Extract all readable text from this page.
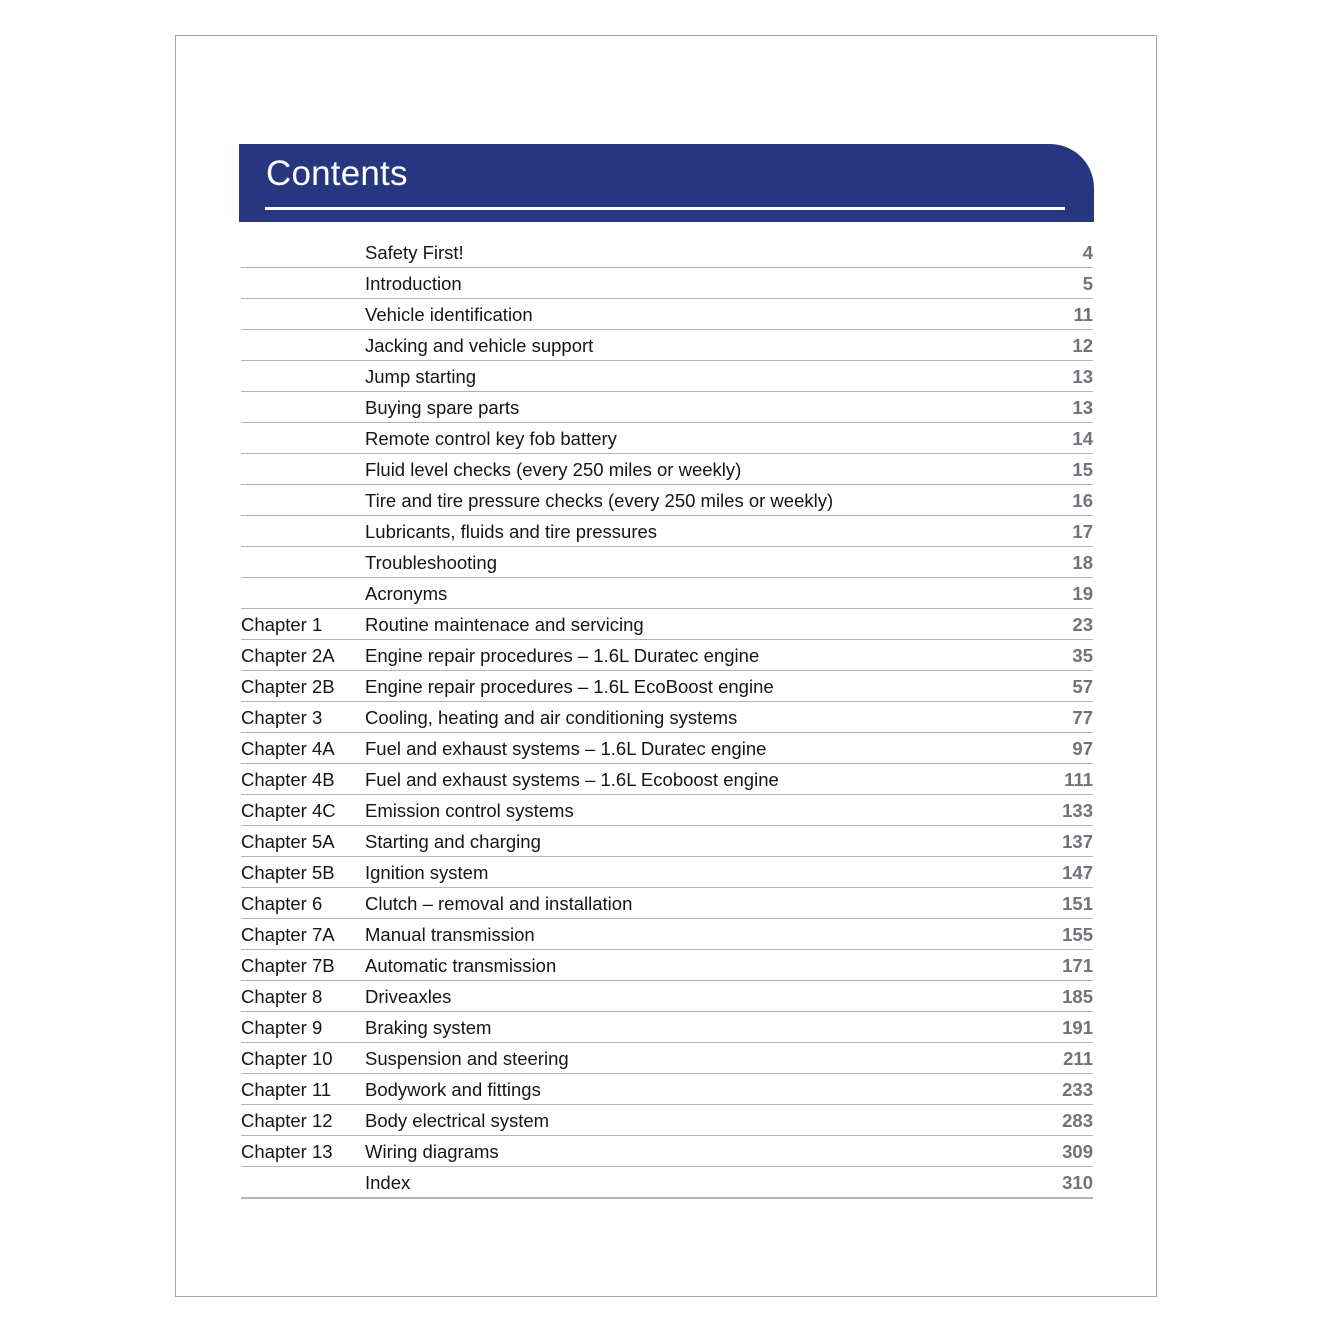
Contents
Safety First!	4
Introduction	5
Vehicle identification	11
Jacking and vehicle support	12
Jump starting	13
Buying spare parts	13
Remote control key fob battery	14
Fluid level checks (every 250 miles or weekly)	15
Tire and tire pressure checks (every 250 miles or weekly)	16
Lubricants, fluids and tire pressures	17
Troubleshooting	18
Acronyms	19
Chapter 1	Routine maintenace and servicing	23
Chapter 2A	Engine repair procedures – 1.6L Duratec engine	35
Chapter 2B	Engine repair procedures – 1.6L EcoBoost engine	57
Chapter 3	Cooling, heating and air conditioning systems	77
Chapter 4A	Fuel and exhaust systems – 1.6L Duratec engine	97
Chapter 4B	Fuel and exhaust systems – 1.6L Ecoboost engine	111
Chapter 4C	Emission control systems	133
Chapter 5A	Starting and charging	137
Chapter 5B	Ignition system	147
Chapter 6	Clutch – removal and installation	151
Chapter 7A	Manual transmission	155
Chapter 7B	Automatic transmission	171
Chapter 8	Driveaxles	185
Chapter 9	Braking system	191
Chapter 10	Suspension and steering	211
Chapter 11	Bodywork and fittings	233
Chapter 12	Body electrical system	283
Chapter 13	Wiring diagrams	309
Index	310
